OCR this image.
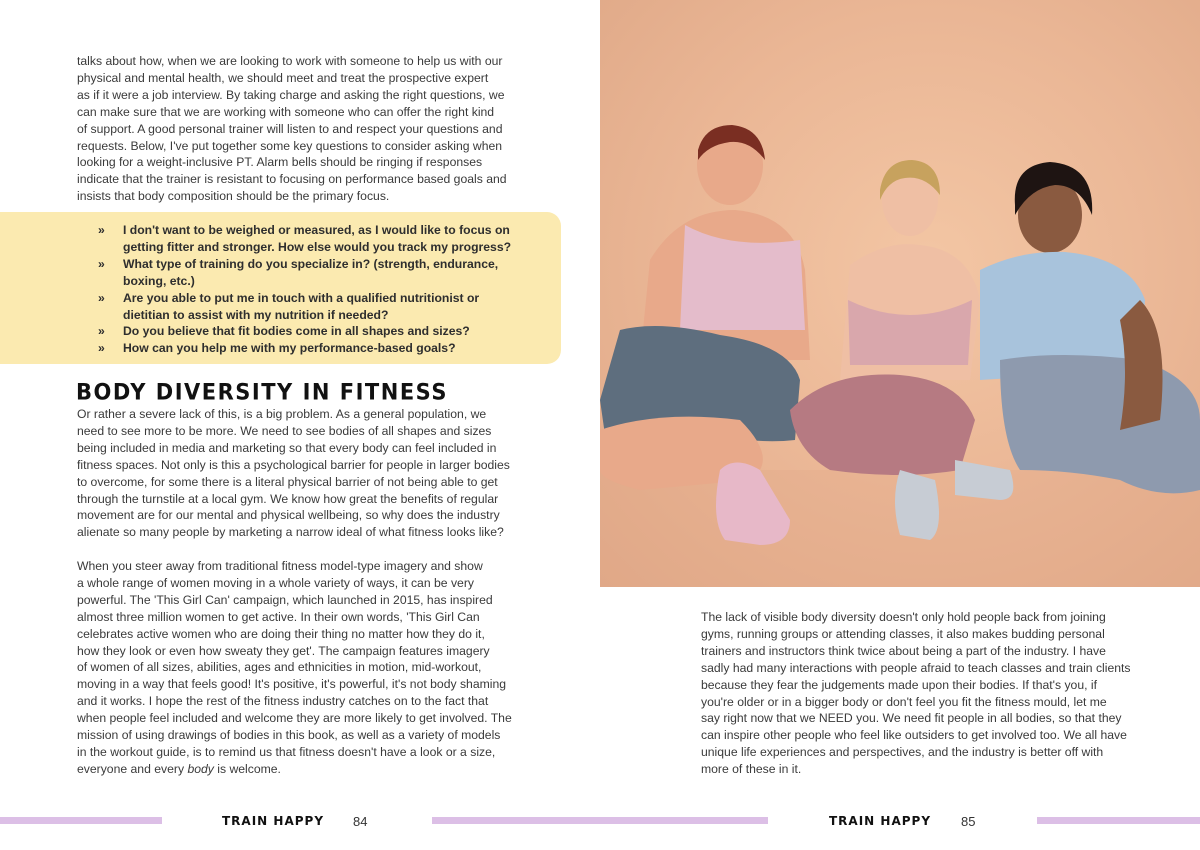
talks about how, when we are looking to work with someone to help us with our
physical and mental health, we should meet and treat the prospective expert
as if it were a job interview. By taking charge and asking the right questions, we
can make sure that we are working with someone who can offer the right kind
of support. A good personal trainer will listen to and respect your questions and
requests. Below, I've put together some key questions to consider asking when
looking for a weight-inclusive PT. Alarm bells should be ringing if responses
indicate that the trainer is resistant to focusing on performance based goals and
insists that body composition should be the primary focus.
» I don't want to be weighed or measured, as I would like to focus on
getting fitter and stronger. How else would you track my progress?
» What type of training do you specialize in? (strength, endurance,
boxing, etc.)
» Are you able to put me in touch with a qualified nutritionist or
dietitian to assist with my nutrition if needed?
» Do you believe that fit bodies come in all shapes and sizes?
» How can you help me with my performance-based goals?
BODY DIVERSITY IN FITNESS
Or rather a severe lack of this, is a big problem. As a general population, we
need to see more to be more. We need to see bodies of all shapes and sizes
being included in media and marketing so that every body can feel included in
fitness spaces. Not only is this a psychological barrier for people in larger bodies
to overcome, for some there is a literal physical barrier of not being able to get
through the turnstile at a local gym. We know how great the benefits of regular
movement are for our mental and physical wellbeing, so why does the industry
alienate so many people by marketing a narrow ideal of what fitness looks like?
When you steer away from traditional fitness model-type imagery and show
a whole range of women moving in a whole variety of ways, it can be very
powerful. The 'This Girl Can' campaign, which launched in 2015, has inspired
almost three million women to get active. In their own words, 'This Girl Can
celebrates active women who are doing their thing no matter how they do it,
how they look or even how sweaty they get'. The campaign features imagery
of women of all sizes, abilities, ages and ethnicities in motion, mid-workout,
moving in a way that feels good! It's positive, it's powerful, it's not body shaming
and it works. I hope the rest of the fitness industry catches on to the fact that
when people feel included and welcome they are more likely to get involved. The
mission of using drawings of bodies in this book, as well as a variety of models
in the workout guide, is to remind us that fitness doesn't have a look or a size,
everyone and every body is welcome.
TRAIN HAPPY 84
The lack of visible body diversity doesn't only hold people back from joining
gyms, running groups or attending classes, it also makes budding personal
trainers and instructors think twice about being a part of the industry. I have
sadly had many interactions with people afraid to teach classes and train clients
because they fear the judgements made upon their bodies. If that's you, if
you're older or in a bigger body or don't feel you fit the fitness mould, let me
say right now that we NEED you. We need fit people in all bodies, so that they
can inspire other people who feel like outsiders to get involved too. We all have
unique life experiences and perspectives, and the industry is better off with
more of these in it.
TRAIN HAPPY 85
